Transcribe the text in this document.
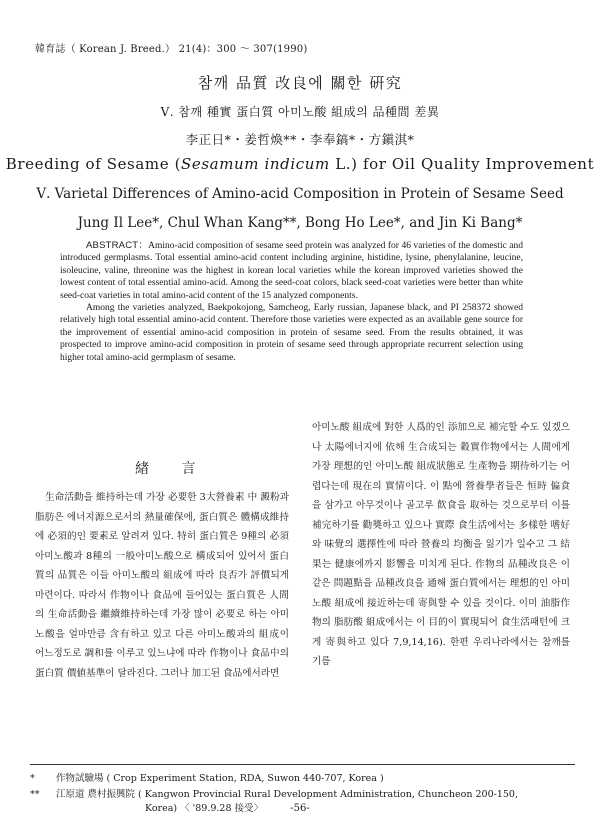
韓育誌（ Korean J. Breed.） 21(4)：300 ～ 307(1990)
참깨 品質 改良에 關한 硏究
Ⅴ. 참깨 種實 蛋白質 아미노酸 組成의 品種間 差異
李正日*・姜哲煥**・李奉鎬*・方鎭淇*
Breeding of Sesame (Sesamum indicum L.) for Oil Quality Improvement
Ⅴ. Varietal Differences of Amino-acid Composition in Protein of Sesame Seed
Jung Il Lee*, Chul Whan Kang**, Bong Ho Lee*, and Jin Ki Bang*

ABSTRACT：Amino-acid composition of sesame seed protein was analyzed for 46 varieties of the domestic and introduced germplasms. Total essential amino-acid content including arginine, histidine, lysine, phenylalanine, leucine, isoleucine, valine, threonine was the highest in korean local varieties while the korean improved varieties showed the lowest content of total essential amino-acid. Among the seed-coat colors, black seed-coat varieties were better than white seed-coat varieties in total amino-acid content of the 15 analyzed components.

Among the varieties analyzed, Baekpokojong, Samcheog, Early russian, Japanese black, and PI 258372 showed relatively high total essential amino-acid content. Therefore those varieties were expected as an available gene source for the improvement of essential amino-acid composition in protein of sesame seed. From the results obtained, it was prospected to improve amino-acid composition in protein of sesame seed through appropriate recurrent selection using higher total amino-acid germplasm of sesame.

緖 言

生命活動을 維持하는데 가장 必要한 3大營養素 中 澱粉과 脂肪은 에너지源으로서의 熱量確保에, 蛋白質은 體構成維持에 必須的인 要素로 알려져 있다. 特히 蛋白質은 9種의 必須아미노酸과 8種의 一般아미노酸으로 構成되어 있어서 蛋白質의 品質은 이들 아미노酸의 組成에 따라 良否가 評價되게 마련이다. 따라서 作物이나 食品에 들어있는 蛋白質은 人間의 生命活動을 繼續維持하는데 가장 많이 必要로 하는 아미노酸을 얼마만큼 含有하고 있고 다른 아미노酸과의 組成이 어느정도로 調和를 이루고 있느냐에 따라 作物이나 食品中의 蛋白質 價値基準이 달라진다. 그러나 加工된 食品에서라면

아미노酸 組成에 對한 人爲的인 添加으로 補完할 수도 있겠으나 太陽에너지에 依해 生合成되는 穀實作物에서는 人間에게 가장 理想的인 아미노酸 組成狀態로 生產物을 期待하기는 어렵다는데 現在의 實情이다. 이 點에 營養學者들은 恒時 偏食을 삼가고 아무것이나 골고루 飮食을 取하는 것으로부터 이를 補完하기를 勸奬하고 있으나 實際 食生活에서는 多樣한 嗜好와 味覺의 選擇性에 따라 營養의 均衡을 잃기가 일수고 그 結果는 健康에까지 影響을 미치게 된다. 作物의 品種改良은 이같은 問題點을 品種改良을 通해 蛋白質에서는 理想的인 아미노酸 組成에 接近하는데 寄與할 수 있을 것이다. 이미 油脂作物의 脂肪酸 組成에서는 이 目的이 實現되어 食生活패턴에 크게 寄與하고 있다 7,9,14,16). 한편 우리나라에서는 참깨를 기름

* 作物試驗場 ( Crop Experiment Station, RDA, Suwon 440-707, Korea )
** 江原道 農村振興院 ( Kangwon Provincial Rural Development Administration, Chuncheon 200-150,
Korea) 〈 '89.9.28 接受〉	-56-
